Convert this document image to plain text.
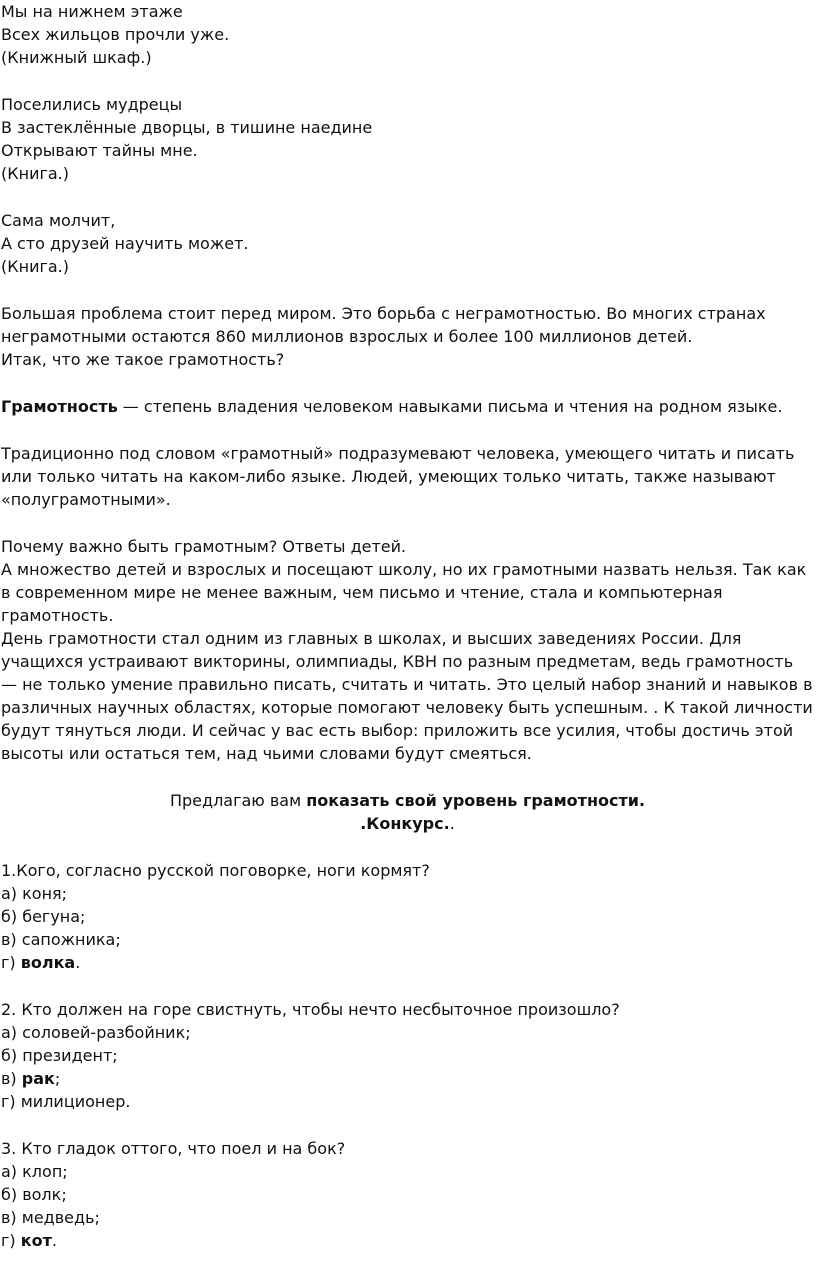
Мы на нижнем этаже

Всех жильцов прочли уже.

(Книжный шкаф.)

Поселились мудрецы

В застеклённые дворцы, в тишине наедине

Открывают тайны мне.

(Книга.)

Сама молчит,

А сто друзей научить может.

(Книга.)

Большая проблема стоит перед миром. Это борьба с неграмотностью. Во многих странах неграмотными остаются 860 миллионов взрослых и более 100 миллионов детей.

Итак, что же такое грамотность?

Грамотность — степень владения человеком навыками письма и чтения на родном языке.

Традиционно под словом «грамотный» подразумевают человека, умеющего читать и писать или только читать на каком-либо языке. Людей, умеющих только читать, также называют «полуграмотными».

Почему важно быть грамотным? Ответы детей.

А множество детей и взрослых и посещают школу, но их грамотными назвать нельзя. Так как в современном мире не менее важным, чем письмо и чтение, стала и компьютерная грамотность.

День грамотности стал одним из главных в школах, и высших заведениях России. Для учащихся устраивают викторины, олимпиады, КВН по разным предметам, ведь грамотность — не только умение правильно писать, считать и читать. Это целый набор знаний и навыков в различных научных областях, которые помогают человеку быть успешным. . К такой личности будут тянуться люди. И сейчас у вас есть выбор: приложить все усилия, чтобы достичь этой высоты или остаться тем, над чьими словами будут смеяться.

Предлагаю вам показать свой уровень грамотности.

.Конкурс..

1.Кого, согласно русской поговорке, ноги кормят?

а) коня;

б) бегуна;

в) сапожника;

г) волка.

2. Кто должен на горе свистнуть, чтобы нечто несбыточное произошло?

а) соловей-разбойник;

б) президент;

в) рак;

г) милиционер.

3. Кто гладок оттого, что поел и на бок?

а) клоп;

б) волк;

в) медведь;

г) кот.
